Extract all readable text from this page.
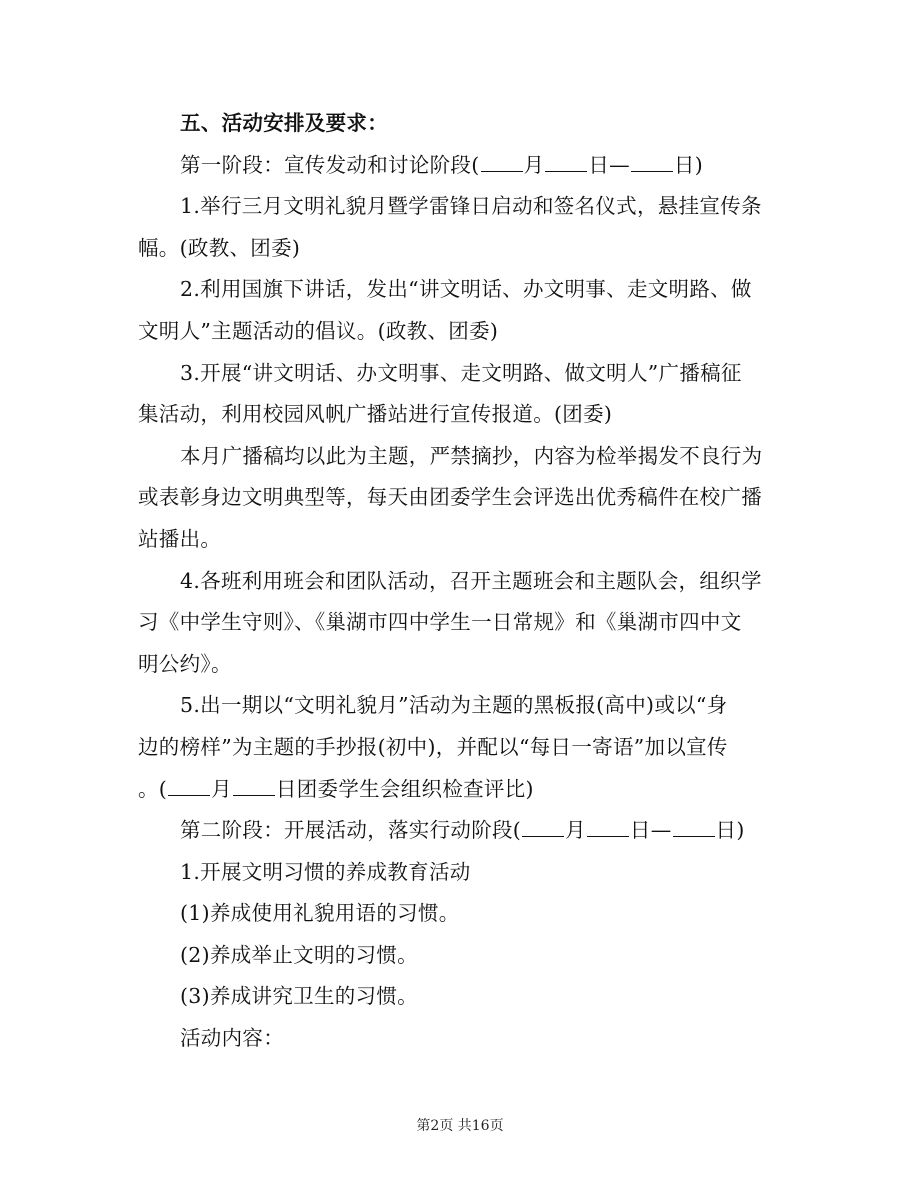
五、活动安排及要求：
第一阶段：宣传发动和讨论阶段( 月 日— 日)
1.举行三月文明礼貌月暨学雷锋日启动和签名仪式，悬挂宣传条
幅。(政教、团委)
2.利用国旗下讲话，发出“讲文明话、办文明事、走文明路、做
文明人”主题活动的倡议。(政教、团委)
3.开展“讲文明话、办文明事、走文明路、做文明人”广播稿征
集活动，利用校园风帆广播站进行宣传报道。(团委)
本月广播稿均以此为主题，严禁摘抄，内容为检举揭发不良行为
或表彰身边文明典型等，每天由团委学生会评选出优秀稿件在校广播
站播出。
4.各班利用班会和团队活动，召开主题班会和主题队会，组织学
习《中学生守则》、《巢湖市四中学生一日常规》和《巢湖市四中文
明公约》。
5.出一期以“文明礼貌月”活动为主题的黑板报(高中)或以“身
边的榜样”为主题的手抄报(初中)，并配以“每日一寄语”加以宣传
。( 月 日团委学生会组织检查评比)
第二阶段：开展活动，落实行动阶段( 月 日— 日)
1.开展文明习惯的养成教育活动
(1)养成使用礼貌用语的习惯。
(2)养成举止文明的习惯。
(3)养成讲究卫生的习惯。
活动内容：
第2页 共16页
